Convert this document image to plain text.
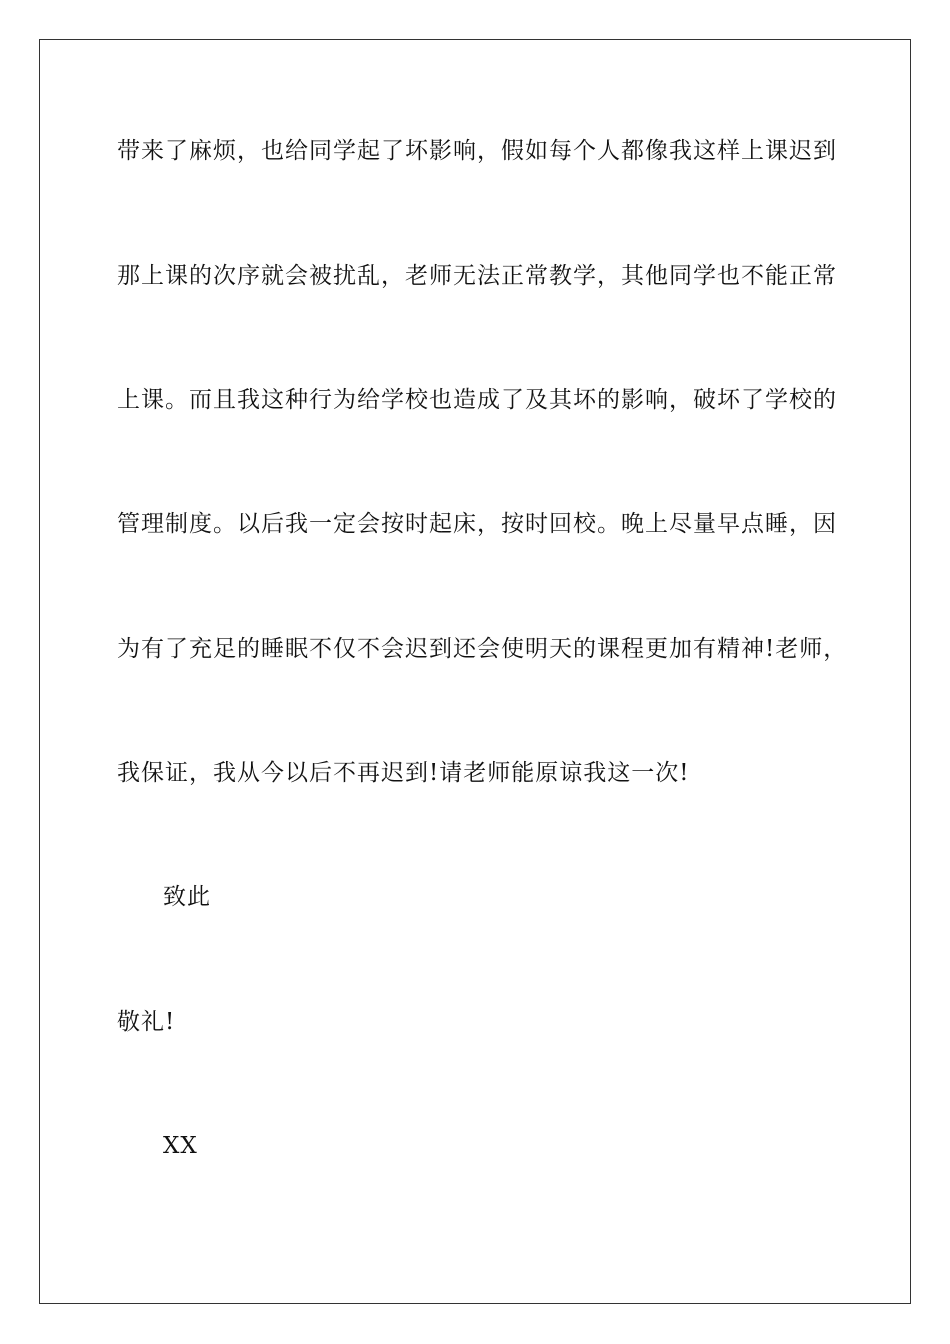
带来了麻烦，也给同学起了坏影响，假如每个人都像我这样上课迟到
那上课的次序就会被扰乱，老师无法正常教学，其他同学也不能正常
上课。而且我这种行为给学校也造成了及其坏的影响，破坏了学校的
管理制度。以后我一定会按时起床，按时回校。晚上尽量早点睡，因
为有了充足的睡眠不仅不会迟到还会使明天的课程更加有精神!老师，
我保证，我从今以后不再迟到!请老师能原谅我这一次!
致此
敬礼!
XX
